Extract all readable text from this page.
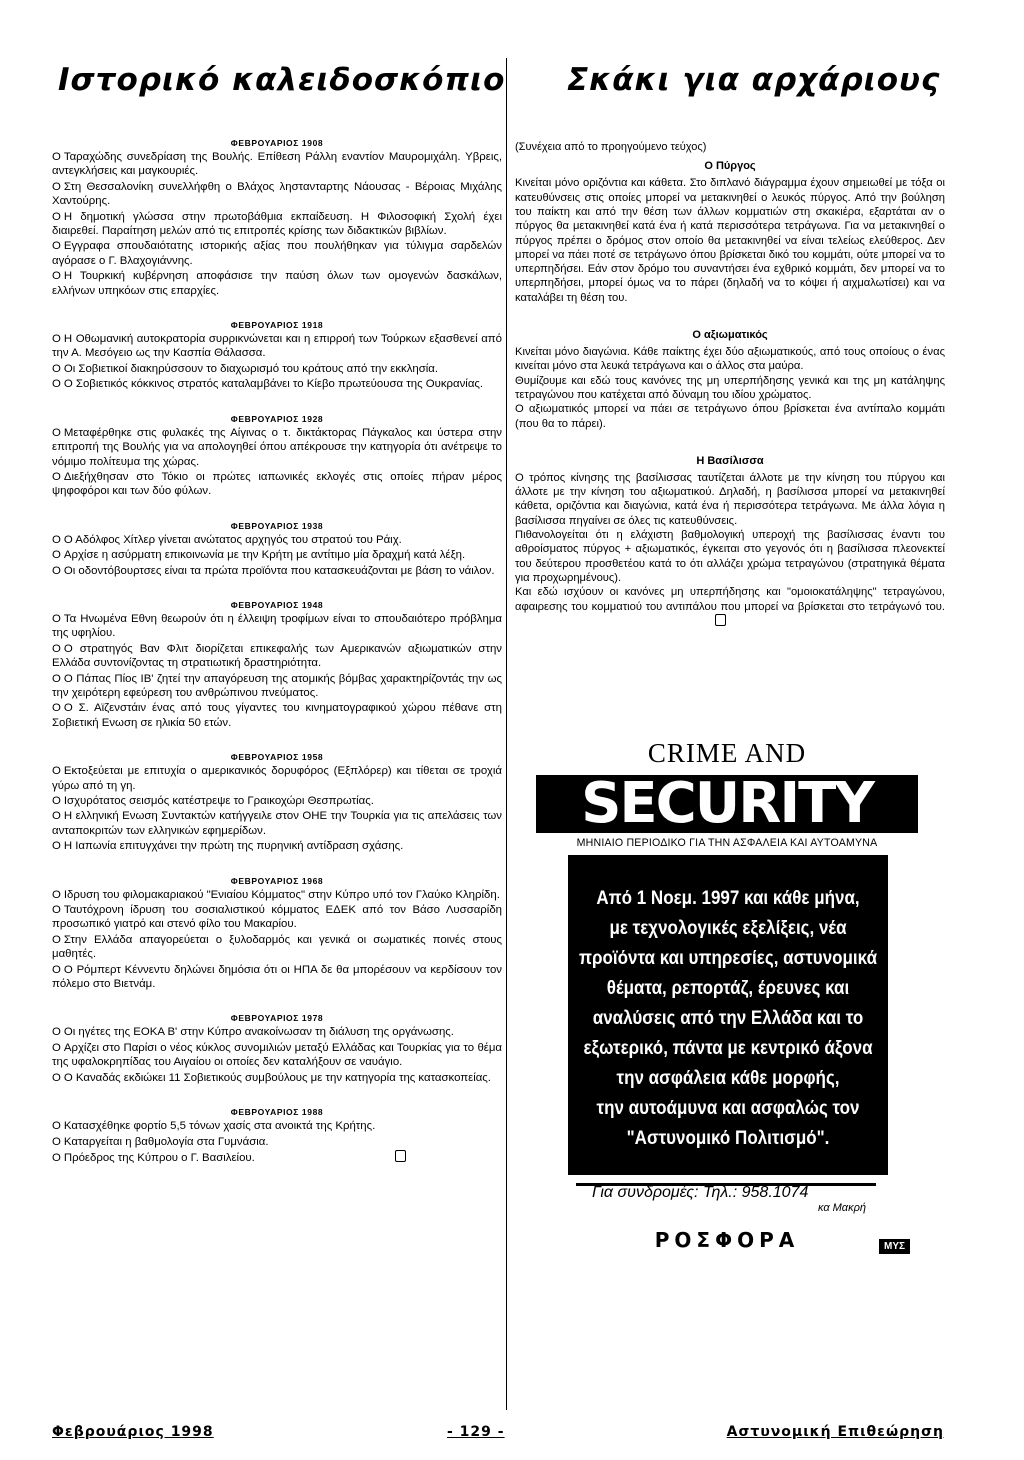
Ιστορικό καλειδοσκόπιο
ΦΕΒΡΟΥΑΡΙΟΣ 1908
Ο Ταραχώδης συνεδρίαση της Βουλής. Επίθεση Ράλλη εναντίον Μαυρομιχάλη. Υβρεις, αντεγκλήσεις και μαγκουριές.
Ο Στη Θεσσαλονίκη συνελλήφθη ο Βλάχος ληστανταρτης Νάουσας - Βέροιας Μιχάλης Χαντούρης.
Ο Η δημοτική γλώσσα στην πρωτοβάθμια εκπαίδευση. Η Φιλοσοφική Σχολή έχει διαιρεθεί. Παραίτηση μελών από τις επιτροπές κρίσης των διδακτικών βιβλίων.
Ο Εγγραφα σπουδαιότατης ιστορικής αξίας που πουλήθηκαν για τύλιγμα σαρδελών αγόρασε ο Γ. Βλαχογιάννης.
Ο Η Τουρκική κυβέρνηση αποφάσισε την παύση όλων των ομογενών δασκάλων, ελλήνων υπηκόων στις επαρχίες.
ΦΕΒΡΟΥΑΡΙΟΣ 1918
Ο Η Οθωμανική αυτοκρατορία συρρικνώνεται και η επιρροή των Τούρκων εξασθενεί από την Α. Μεσόγειο ως την Κασπία Θάλασσα.
Ο Οι Σοβιετικοί διακηρύσσουν το διαχωρισμό του κράτους από την εκκλησία.
Ο Ο Σοβιετικός κόκκινος στρατός καταλαμβάνει το Κίεβο πρωτεύουσα της Ουκρανίας.
ΦΕΒΡΟΥΑΡΙΟΣ 1928
Ο Μεταφέρθηκε στις φυλακές της Αίγινας ο τ. δικτάκτορας Πάγκαλος και ύστερα στην επιτροπή της Βουλής για να απολογηθεί όπου απέκρουσε την κατηγορία ότι ανέτρεψε το νόμιμο πολίτευμα της χώρας.
Ο Διεξήχθησαν στο Τόκιο οι πρώτες ιαπωνικές εκλογές στις οποίες πήραν μέρος ψηφοφόροι και των δύο φύλων.
ΦΕΒΡΟΥΑΡΙΟΣ 1938
Ο Ο Αδόλφος Χίτλερ γίνεται ανώτατος αρχηγός του στρατού του Ράιχ.
Ο Αρχίσε η ασύρματη επικοινωνία με την Κρήτη με αντίτιμο μία δραχμή κατά λέξη.
Ο Οι οδοντόβουρτσες είναι τα πρώτα προϊόντα που κατασκευάζονται με βάση το νάιλον.
ΦΕΒΡΟΥΑΡΙΟΣ 1948
Ο Τα Ηνωμένα Εθνη θεωρούν ότι η έλλειψη τροφίμων είναι το σπουδαιότερο πρόβλημα της υφηλίου.
Ο Ο στρατηγός Βαν Φλιτ διορίζεται επικεφαλής των Αμερικανών αξιωματικών στην Ελλάδα συντονίζοντας τη στρατιωτική δραστηριότητα.
Ο Ο Πάπας Πίος ΙΒ' ζητεί την απαγόρευση της ατομικής βόμβας χαρακτηρίζοντάς την ως την χειρότερη εφεύρεση του ανθρώπινου πνεύματος.
Ο Ο Σ. Αϊζενστάιν ένας από τους γίγαντες του κινηματογραφικού χώρου πέθανε στη Σοβιετική Ενωση σε ηλικία 50 ετών.
ΦΕΒΡΟΥΑΡΙΟΣ 1958
Ο Εκτοξεύεται με επιτυχία ο αμερικανικός δορυφόρος (Εξπλόρερ) και τίθεται σε τροχιά γύρω από τη γη.
Ο Ισχυρότατος σεισμός κατέστρεψε το Γραικοχώρι Θεσπρωτίας.
Ο Η ελληνική Ενωση Συντακτών κατήγγειλε στον ΟΗΕ την Τουρκία για τις απελάσεις των ανταποκριτών των ελληνικών εφημερίδων.
Ο Η Ιαπωνία επιτυγχάνει την πρώτη της πυρηνική αντίδραση σχάσης.
ΦΕΒΡΟΥΑΡΙΟΣ 1968
Ο Ιδρυση του φιλομακαριακού "Ενιαίου Κόμματος" στην Κύπρο υπό τον Γλαύκο Κληρίδη.
Ο Ταυτόχρονη ίδρυση του σοσιαλιστικού κόμματος ΕΔΕΚ από τον Βάσο Λυσσαρίδη προσωπικό γιατρό και στενό φίλο του Μακαρίου.
Ο Στην Ελλάδα απαγορεύεται ο ξυλοδαρμός και γενικά οι σωματικές ποινές στους μαθητές.
Ο Ο Ρόμπερτ Κέννεντυ δηλώνει δημόσια ότι οι ΗΠΑ δε θα μπορέσουν να κερδίσουν τον πόλεμο στο Βιετνάμ.
ΦΕΒΡΟΥΑΡΙΟΣ 1978
Ο Οι ηγέτες της ΕΟΚΑ Β' στην Κύπρο ανακοίνωσαν τη διάλυση της οργάνωσης.
Ο Αρχίζει στο Παρίσι ο νέος κύκλος συνομιλιών μεταξύ Ελλάδας και Τουρκίας για το θέμα της υφαλοκρηπίδας του Αιγαίου οι οποίες δεν καταλήξουν σε ναυάγιο.
Ο Ο Καναδάς εκδιώκει 11 Σοβιετικούς συμβούλους με την κατηγορία της κατασκοπείας.
ΦΕΒΡΟΥΑΡΙΟΣ 1988
Ο Κατασχέθηκε φορτίο 5,5 τόνων χασίς στα ανοικτά της Κρήτης.
Ο Καταργείται η βαθμολογία στα Γυμνάσια.
Ο Πρόεδρος της Κύπρου ο Γ. Βασιλείου.
Σκάκι για αρχάριους
(Συνέχεια από το προηγούμενο τεύχος)
Ο Πύργος
Κινείται μόνο οριζόντια και κάθετα. Στο διπλανό διάγραμμα έχουν σημειωθεί με τόξα οι κατευθύνσεις στις οποίες μπορεί να μετακινηθεί ο λευκός πύργος. Από την βούληση του παίκτη και από την θέση των άλλων κομματιών στη σκακιέρα, εξαρτάται αν ο πύργος θα μετακινηθεί κατά ένα ή κατά περισσότερα τετράγωνα. Για να μετακινηθεί ο πύργος πρέπει ο δρόμος στον οποίο θα μετακινηθεί να είναι τελείως ελεύθερος. Δεν μπορεί να πάει ποτέ σε τετράγωνο όπου βρίσκεται δικό του κομμάτι, ούτε μπορεί να το υπερπηδήσει. Εάν στον δρόμο του συναντήσει ένα εχθρικό κομμάτι, δεν μπορεί να το υπερπηδήσει, μπορεί όμως να το πάρει (δηλαδή να το κόψει ή αιχμαλωτίσει) και να καταλάβει τη θέση του.
Ο αξιωματικός
Κινείται μόνο διαγώνια. Κάθε παίκτης έχει δύο αξιωματικούς, από τους οποίους ο ένας κινείται μόνο στα λευκά τετράγωνα και ο άλλος στα μαύρα.
Θυμίζουμε και εδώ τους κανόνες της μη υπερπήδησης γενικά και της μη κατάληψης τετραγώνου που κατέχεται από δύναμη του ιδίου χρώματος.
Ο αξιωματικός μπορεί να πάει σε τετράγωνο όπου βρίσκεται ένα αντίπαλο κομμάτι (που θα το πάρει).
Η Βασίλισσα
Ο τρόπος κίνησης της βασίλισσας ταυτίζεται άλλοτε με την κίνηση του πύργου και άλλοτε με την κίνηση του αξιωματικού. Δηλαδή, η βασίλισσα μπορεί να μετακινηθεί κάθετα, οριζόντια και διαγώνια, κατά ένα ή περισσότερα τετράγωνα. Με άλλα λόγια η βασίλισσα πηγαίνει σε όλες τις κατευθύνσεις.
Πιθανολογείται ότι η ελάχιστη βαθμολογική υπεροχή της βασίλισσας έναντι του αθροίσματος πύργος + αξιωματικός, έγκειται στο γεγονός ότι η βασίλισσα πλεονεκτεί του δεύτερου προσθετέου κατά το ότι αλλάζει χρώμα τετραγώνου (στρατηγικά θέματα για προχωρημένους).
Και εδώ ισχύουν οι κανόνες μη υπερπήδησης και "ομοιοκατάληψης" τετραγώνου, αφαιρεσης του κομματιού του αντιπάλου που μπορεί να βρίσκεται στο τετράγωνό του.
CRIME AND
SECURITY
ΜΗΝΙΑΙΟ ΠΕΡΙΟΔΙΚΟ ΓΙΑ ΤΗΝ ΑΣΦΑΛΕΙΑ ΚΑΙ ΑΥΤΟΑΜΥΝΑ
Από 1 Νοεμ. 1997 και κάθε μήνα,
με τεχνολογικές εξελίξεις, νέα
προϊόντα και υπηρεσίες, αστυνομικά
θέματα, ρεπορτάζ, έρευνες και
αναλύσεις από την Ελλάδα και το
εξωτερικό, πάντα με κεντρικό άξονα
την ασφάλεια κάθε μορφής,
την αυτοάμυνα και ασφαλώς τον
"Αστυνομικό Πολιτισμό".
Για συνδρομές: Τηλ.: 958.1074
κα Μακρή
ΡΟΣΦΟΡΑ	ΜΥΣ
Φεβρουάριος 1998	- 129 -	Αστυνομική Επιθεώρηση
